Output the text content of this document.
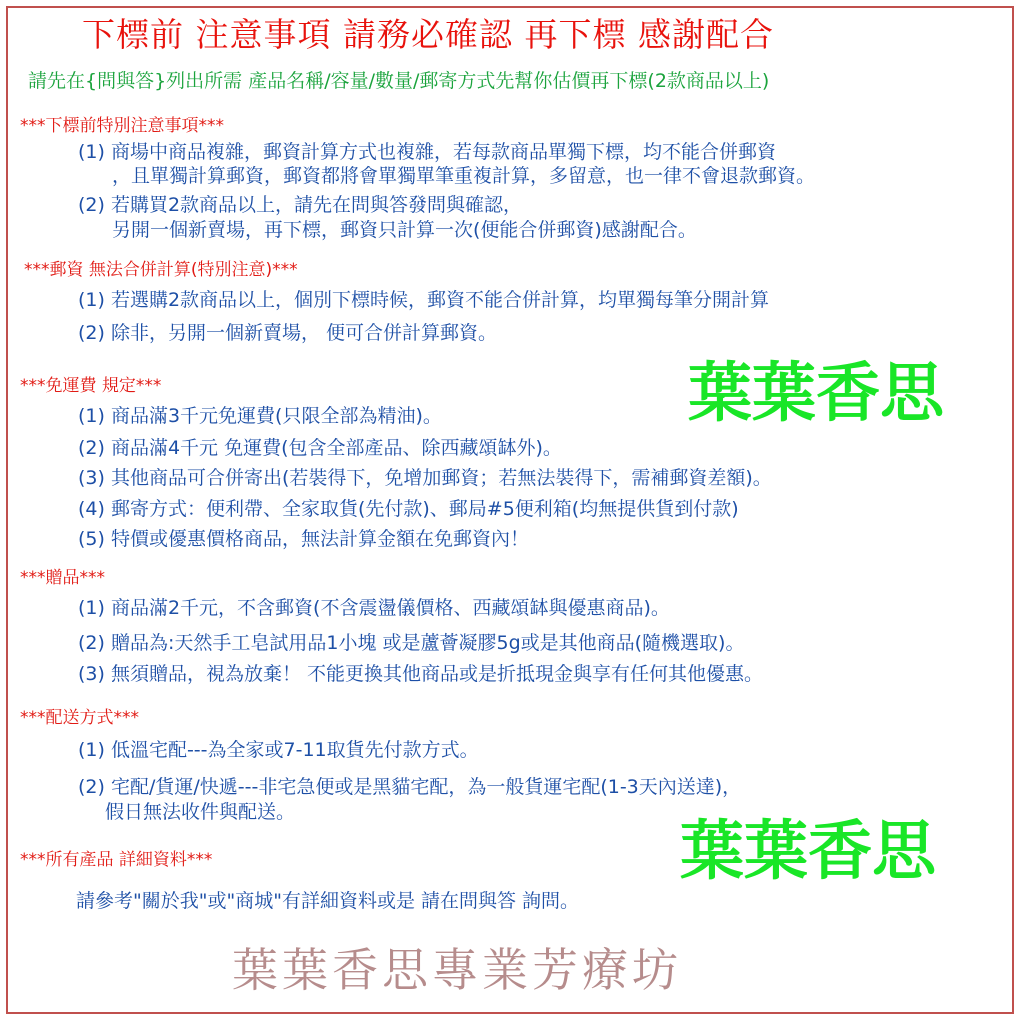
下標前 注意事項 請務必確認 再下標 感謝配合
請先在{問與答}列出所需 產品名稱/容量/數量/郵寄方式先幫你估價再下標(2款商品以上)
***下標前特別注意事項***
(1) 商場中商品複雜，郵資計算方式也複雜，若每款商品單獨下標，均不能合併郵資
，且單獨計算郵資，郵資都將會單獨單筆重複計算，多留意，也一律不會退款郵資。
(2) 若購買2款商品以上，請先在問與答發問與確認，
另開一個新賣場，再下標，郵資只計算一次(便能合併郵資)感謝配合。
***郵資 無法合併計算(特別注意)***
(1) 若選購2款商品以上，個別下標時候，郵資不能合併計算，均單獨每筆分開計算
(2) 除非，另開一個新賣場， 便可合併計算郵資。
***免運費 規定***
(1) 商品滿3千元免運費(只限全部為精油)。
(2) 商品滿4千元 免運費(包含全部產品、除西藏頌缽外)。
(3) 其他商品可合併寄出(若裝得下，免增加郵資；若無法裝得下，需補郵資差額)。
(4) 郵寄方式：便利帶、全家取貨(先付款)、郵局#5便利箱(均無提供貨到付款)
(5) 特價或優惠價格商品，無法計算金額在免郵資內！
***贈品***
(1) 商品滿2千元，不含郵資(不含震盪儀價格、西藏頌缽與優惠商品)。
(2) 贈品為:天然手工皂試用品1小塊 或是蘆薈凝膠5g或是其他商品(隨機選取)。
(3) 無須贈品，視為放棄！ 不能更換其他商品或是折抵現金與享有任何其他優惠。
***配送方式***
(1) 低溫宅配---為全家或7-11取貨先付款方式。
(2) 宅配/貨運/快遞---非宅急便或是黑貓宅配，為一般貨運宅配(1-3天內送達)，
假日無法收件與配送。
***所有產品 詳細資料***
請參考"關於我"或"商城"有詳細資料或是 請在問與答 詢問。
葉葉香思
葉葉香思
葉葉香思專業芳療坊
